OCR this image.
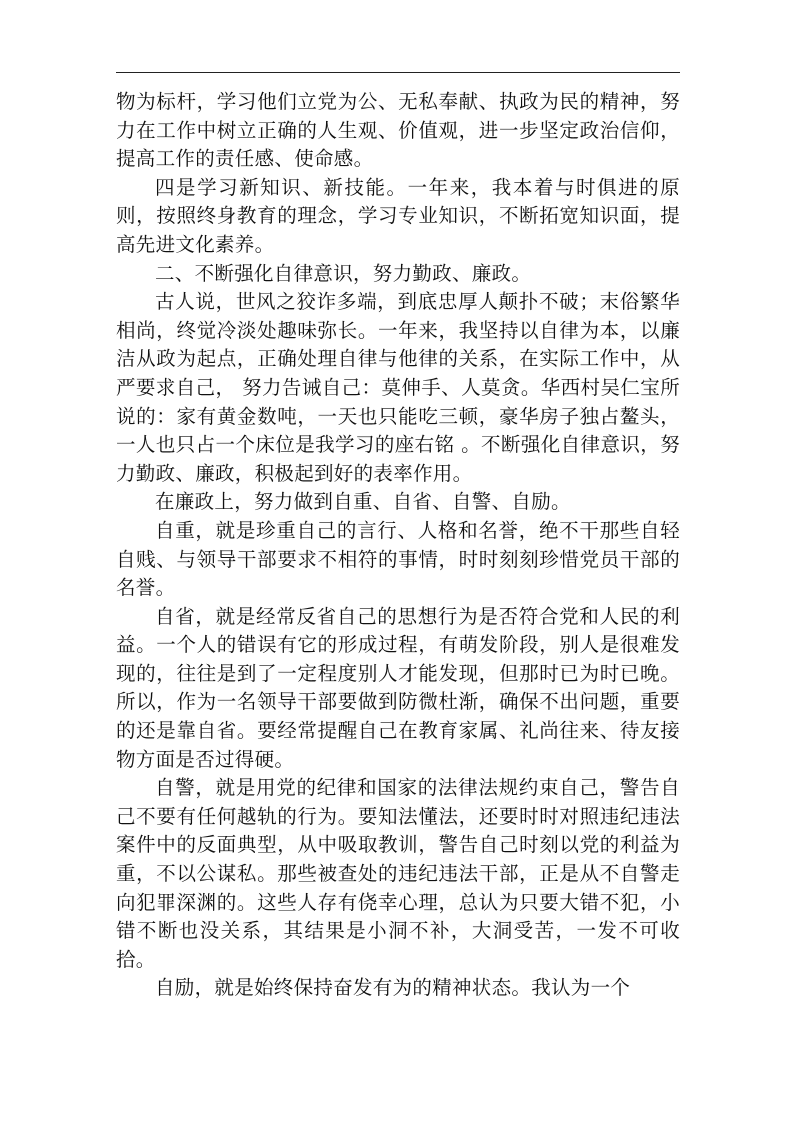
物为标杆，学习他们立党为公、无私奉献、执政为民的精神，努力在工作中树立正确的人生观、价值观，进一步坚定政治信仰，提高工作的责任感、使命感。

四是学习新知识、新技能。一年来，我本着与时俱进的原则，按照终身教育的理念，学习专业知识，不断拓宽知识面，提高先进文化素养。

二、不断强化自律意识，努力勤政、廉政。

古人说，世风之狡诈多端，到底忠厚人颠扑不破；末俗繁华相尚，终觉冷淡处趣味弥长。一年来，我坚持以自律为本，以廉洁从政为起点，正确处理自律与他律的关系，在实际工作中，从严要求自己， 努力告诫自己：莫伸手、人莫贪。华西村吴仁宝所说的：家有黄金数吨，一天也只能吃三顿，豪华房子独占鳌头，一人也只占一个床位是我学习的座右铭 。不断强化自律意识，努力勤政、廉政，积极起到好的表率作用。

在廉政上，努力做到自重、自省、自警、自励。

自重，就是珍重自己的言行、人格和名誉，绝不干那些自轻自贱、与领导干部要求不相符的事情，时时刻刻珍惜党员干部的名誉。

自省，就是经常反省自己的思想行为是否符合党和人民的利益。一个人的错误有它的形成过程，有萌发阶段，别人是很难发现的，往往是到了一定程度别人才能发现，但那时已为时已晚。所以，作为一名领导干部要做到防微杜渐，确保不出问题，重要的还是靠自省。要经常提醒自己在教育家属、礼尚往来、待友接物方面是否过得硬。

自警，就是用党的纪律和国家的法律法规约束自己，警告自己不要有任何越轨的行为。要知法懂法，还要时时对照违纪违法案件中的反面典型，从中吸取教训，警告自己时刻以党的利益为重，不以公谋私。那些被查处的违纪违法干部，正是从不自警走向犯罪深渊的。这些人存有侥幸心理，总认为只要大错不犯，小错不断也没关系，其结果是小洞不补，大洞受苦，一发不可收拾。

自励，就是始终保持奋发有为的精神状态。我认为一个
